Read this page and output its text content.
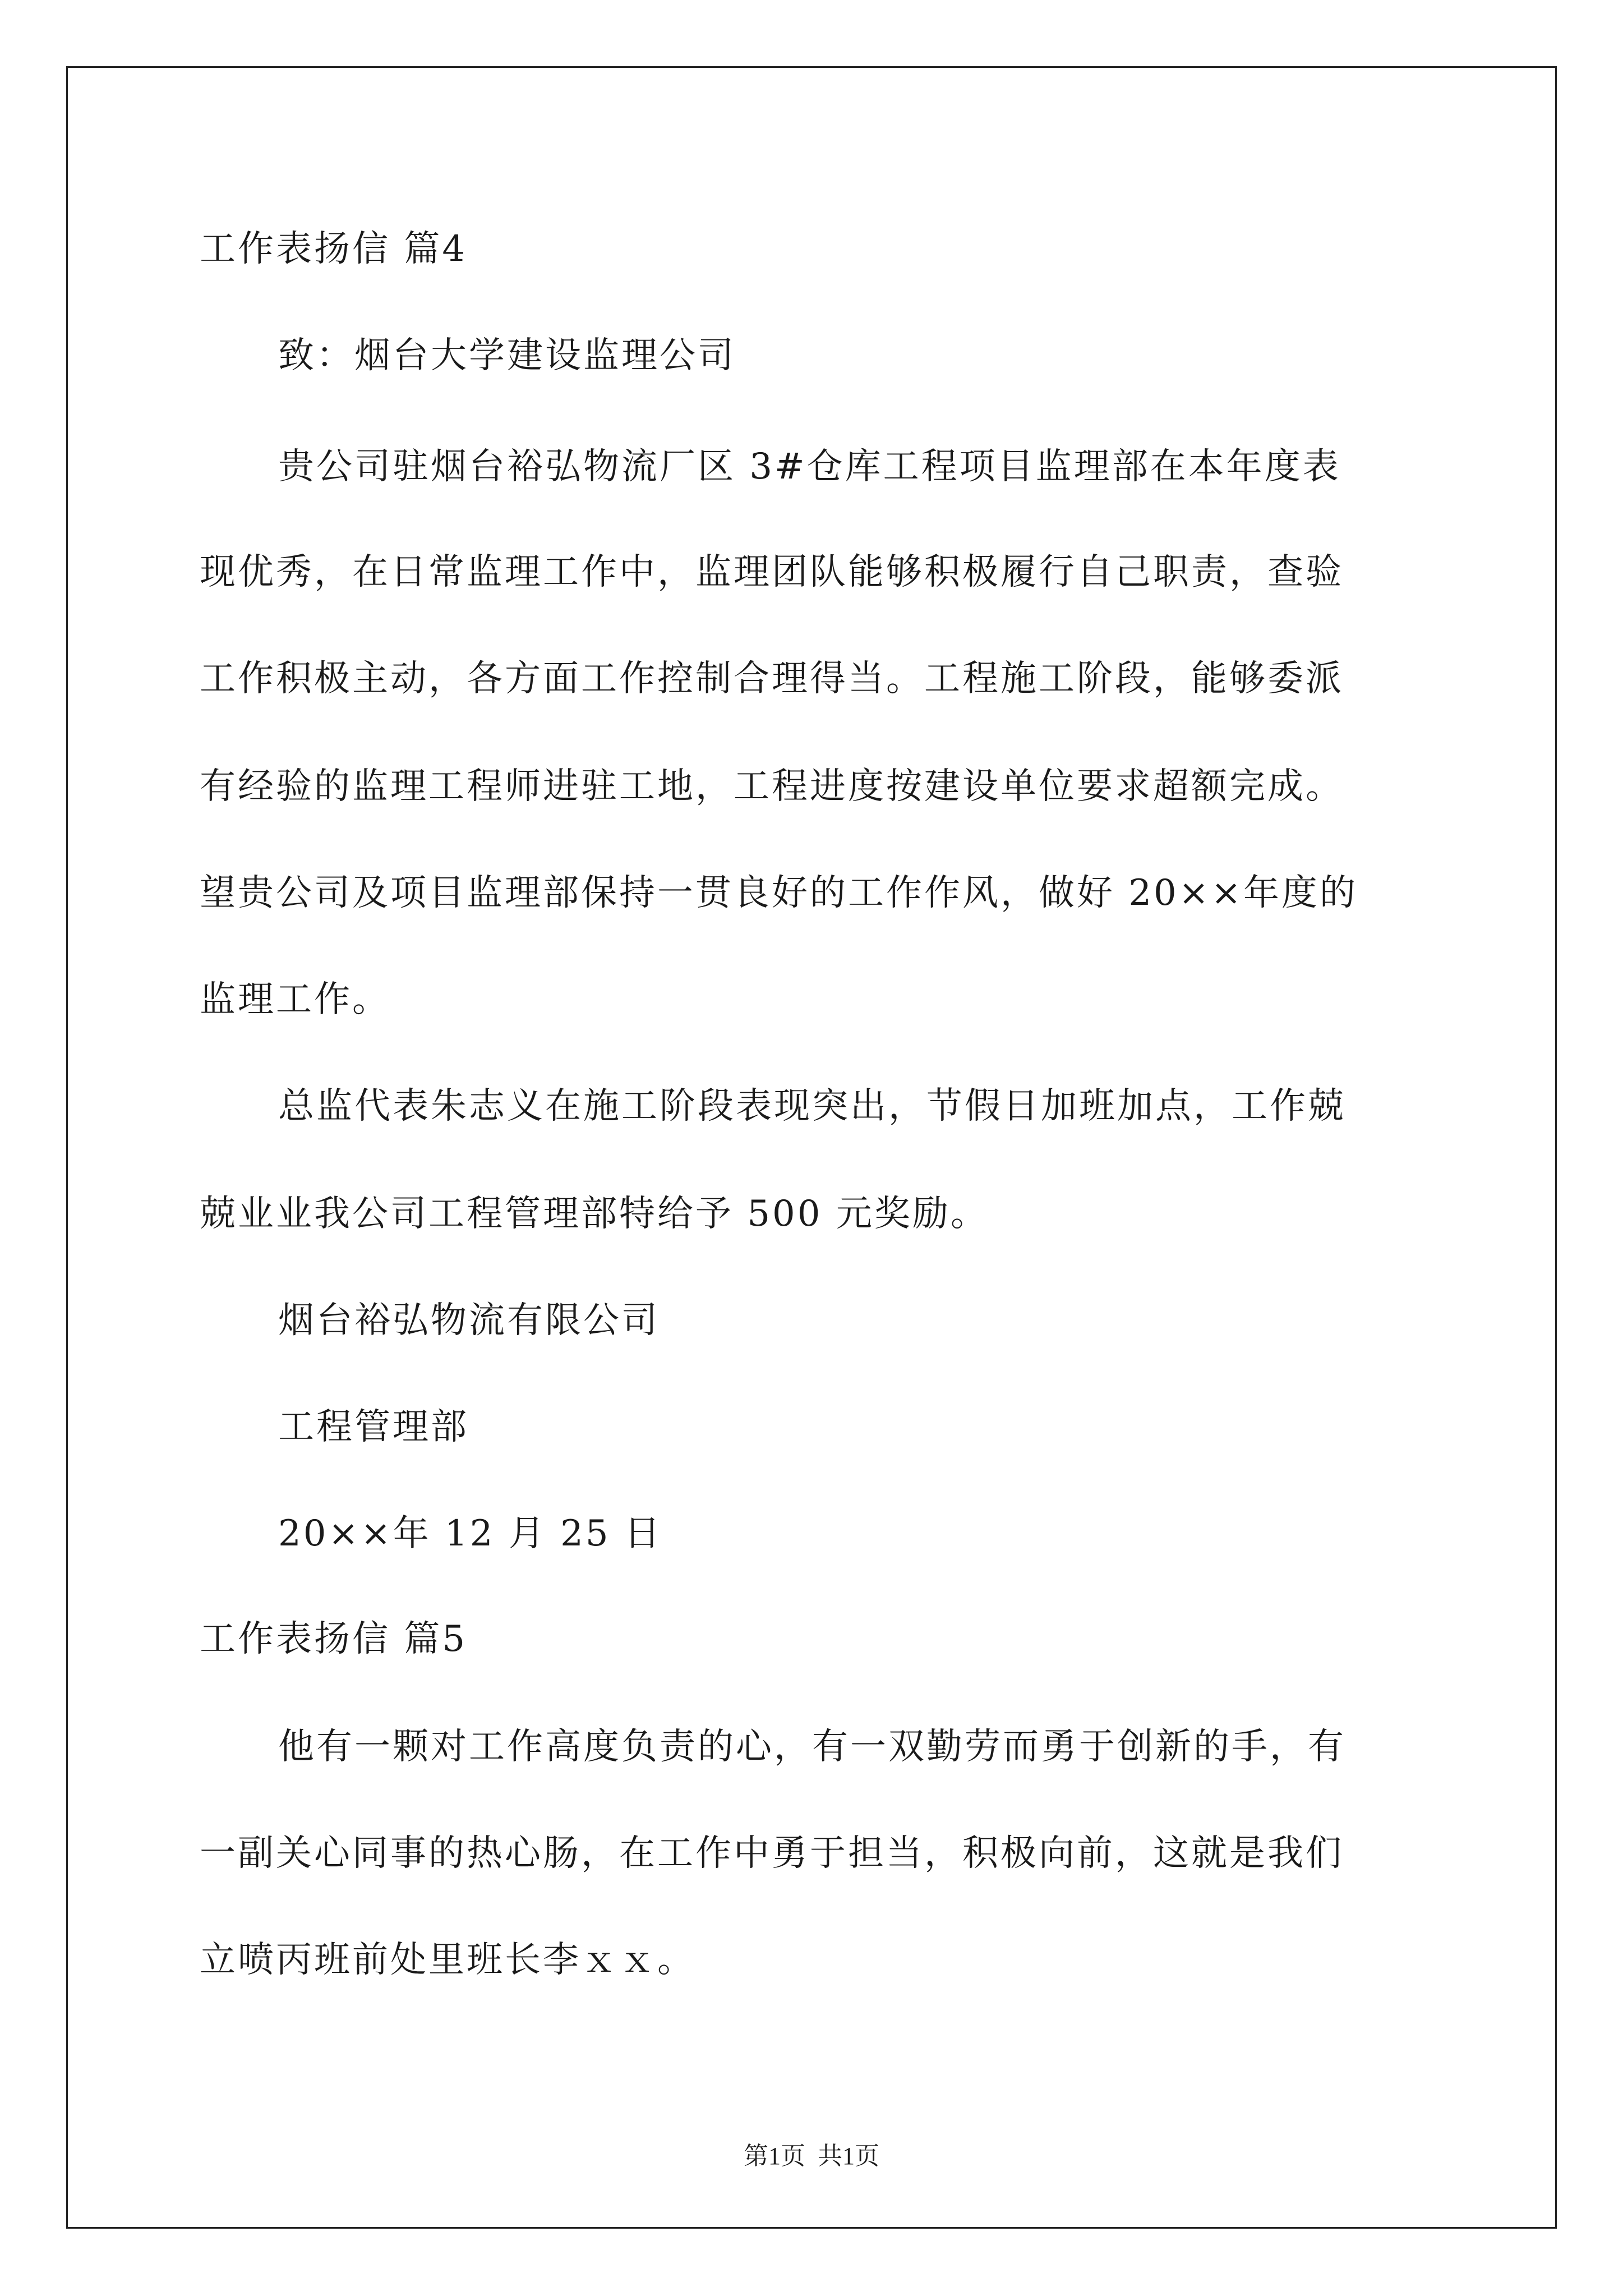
工作表扬信 篇4
致：烟台大学建设监理公司
贵公司驻烟台裕弘物流厂区 3#仓库工程项目监理部在本年度表
现优秀，在日常监理工作中，监理团队能够积极履行自己职责，查验
工作积极主动，各方面工作控制合理得当。工程施工阶段，能够委派
有经验的监理工程师进驻工地，工程进度按建设单位要求超额完成。
望贵公司及项目监理部保持一贯良好的工作作风，做好 20××年度的
监理工作。
总监代表朱志义在施工阶段表现突出，节假日加班加点，工作兢
兢业业我公司工程管理部特给予 500 元奖励。
烟台裕弘物流有限公司
工程管理部
20××年 12 月 25 日
工作表扬信 篇5
他有一颗对工作高度负责的心，有一双勤劳而勇于创新的手，有
一副关心同事的热心肠，在工作中勇于担当，积极向前，这就是我们
立喷丙班前处里班长李ｘｘ。
第1页  共1页
